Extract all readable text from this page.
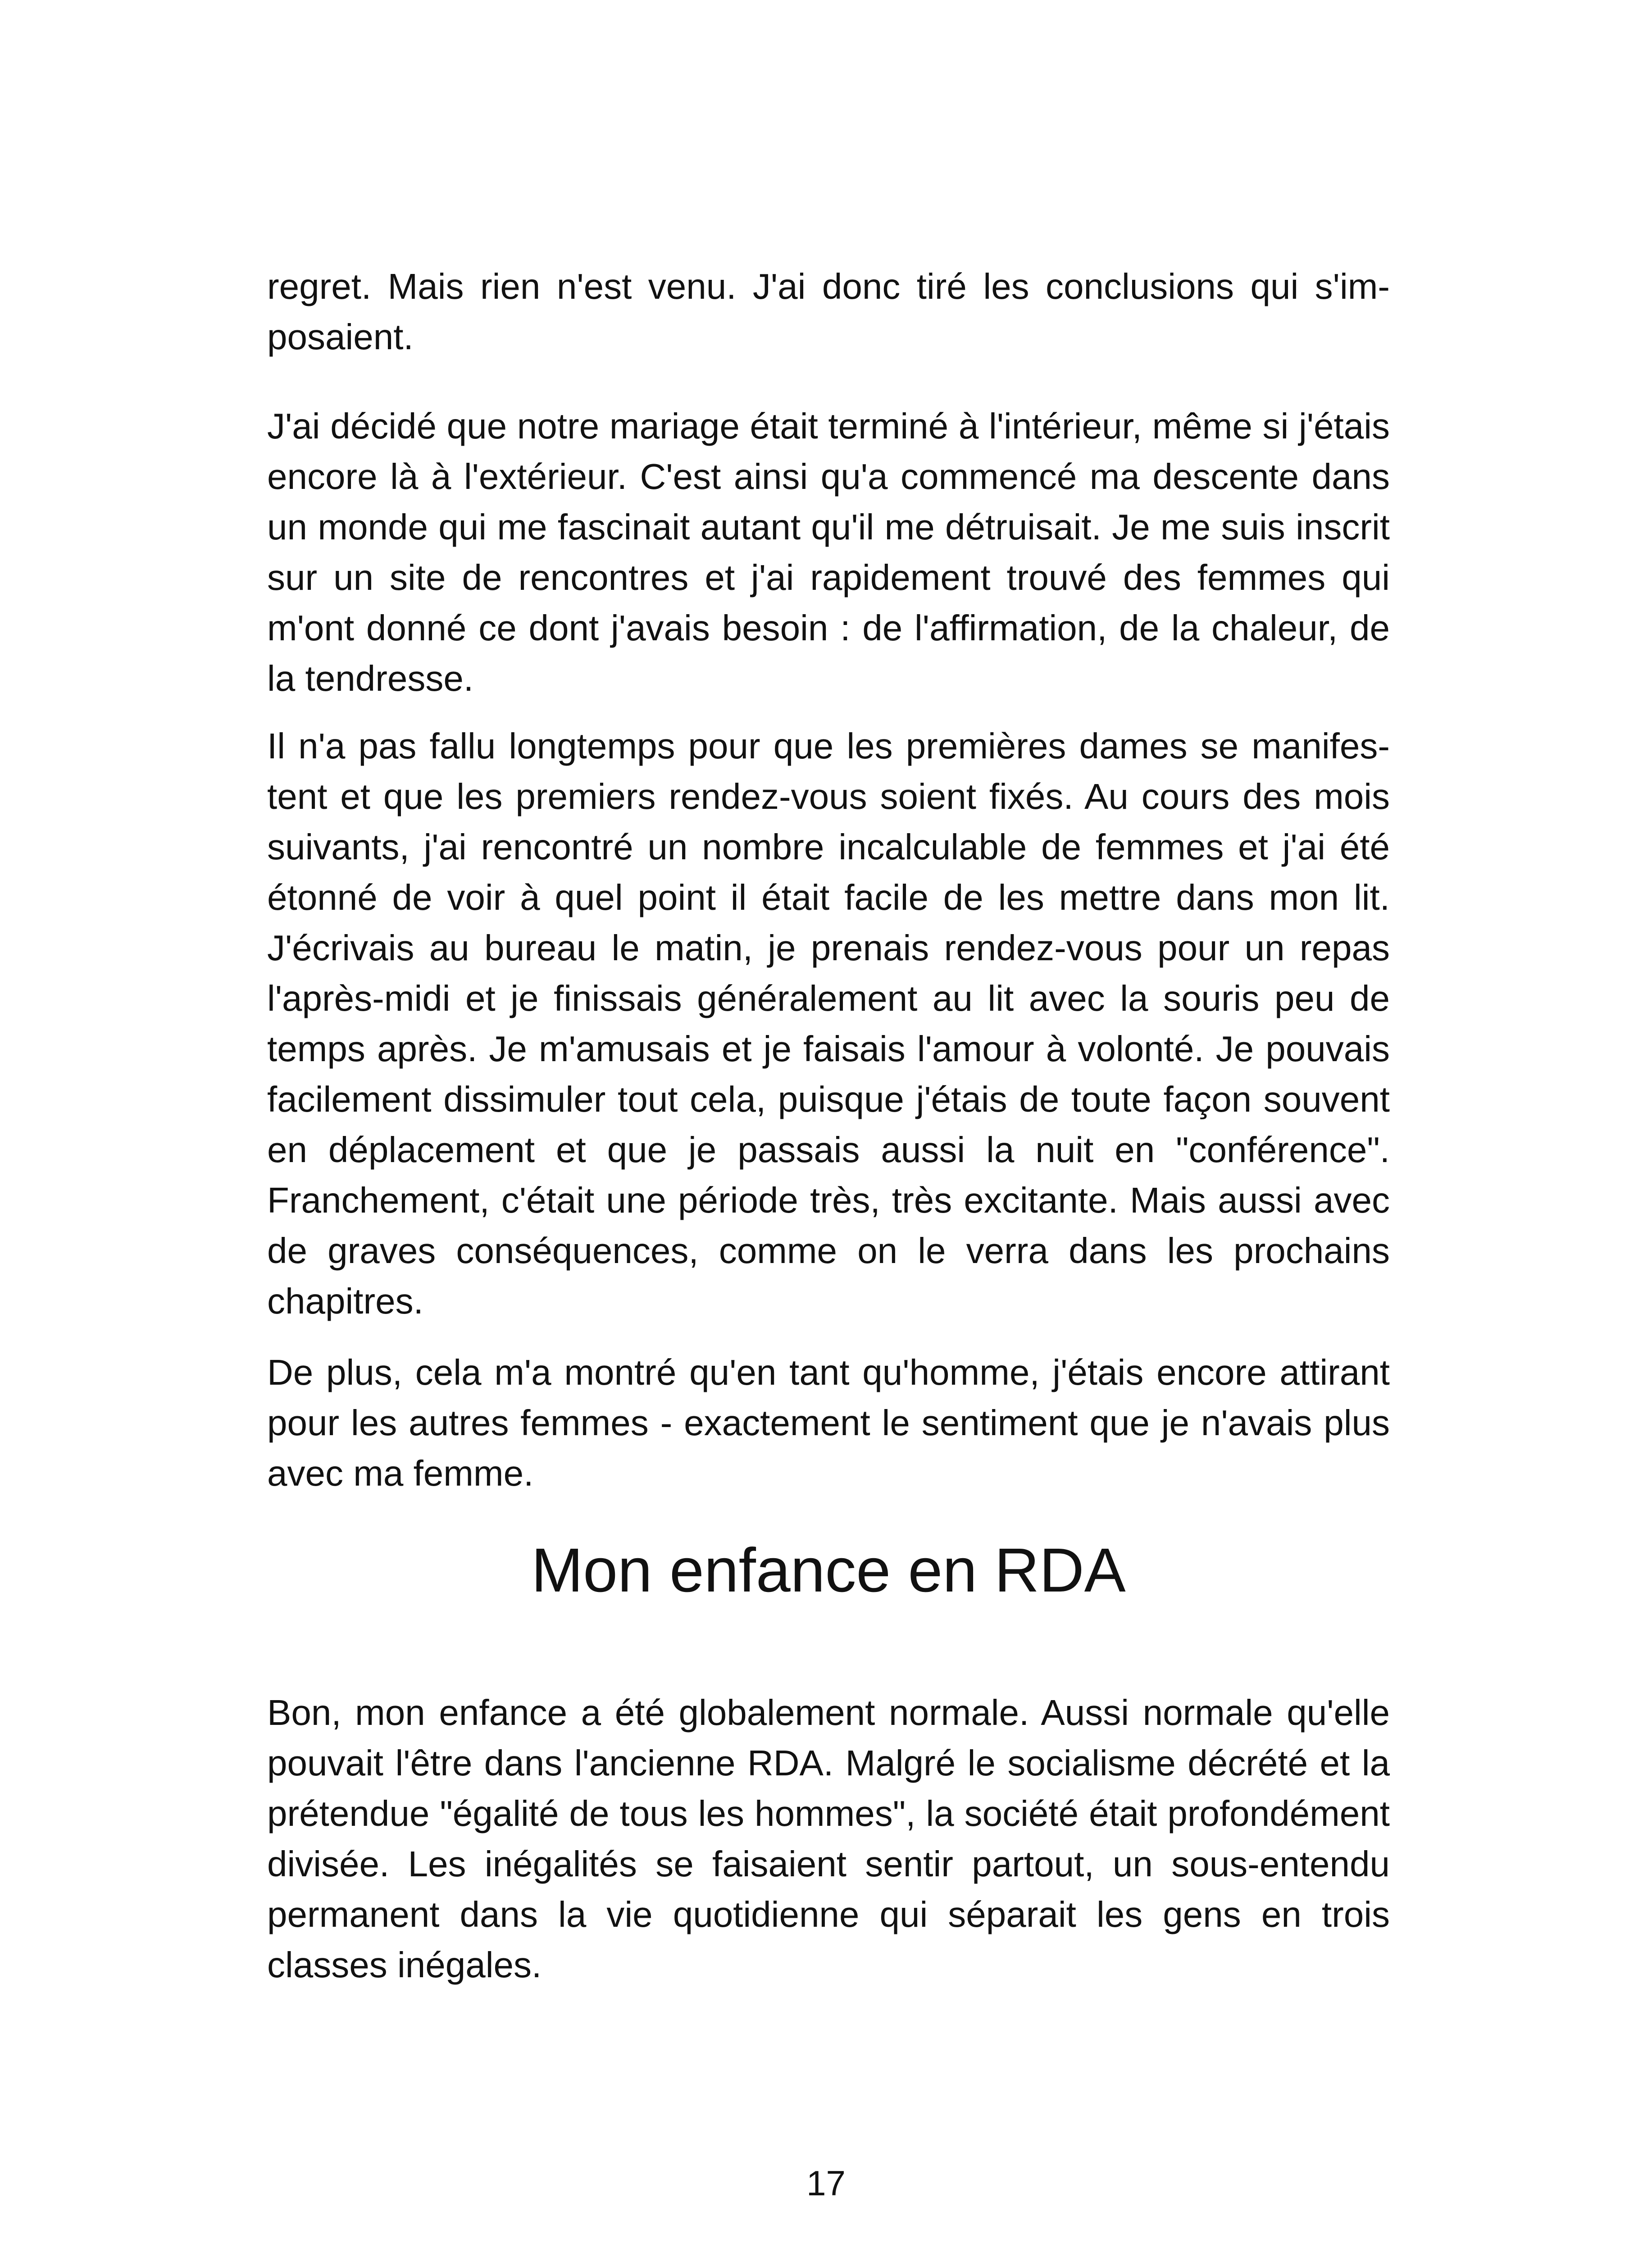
regret. Mais rien n'est venu. J'ai donc tiré les conclusions qui s'imposaient.

J'ai décidé que notre mariage était terminé à l'intérieur, même si j'étais encore là à l'extérieur. C'est ainsi qu'a commencé ma descente dans un monde qui me fascinait autant qu'il me détruisait. Je me suis inscrit sur un site de rencontres et j'ai rapidement trouvé des femmes qui m'ont donné ce dont j'avais besoin : de l'affirmation, de la chaleur, de la tendresse.

Il n'a pas fallu longtemps pour que les premières dames se manifestent et que les premiers rendez-vous soient fixés. Au cours des mois suivants, j'ai rencontré un nombre incalculable de femmes et j'ai été étonné de voir à quel point il était facile de les mettre dans mon lit. J'écrivais au bureau le matin, je prenais rendez-vous pour un repas l'après-midi et je finissais généralement au lit avec la souris peu de temps après. Je m'amusais et je faisais l'amour à volonté. Je pouvais facilement dissimuler tout cela, puisque j'étais de toute façon souvent en déplacement et que je passais aussi la nuit en "conférence". Franchement, c'était une période très, très excitante. Mais aussi avec de graves conséquences, comme on le verra dans les prochains chapitres.

De plus, cela m'a montré qu'en tant qu'homme, j'étais encore attirant pour les autres femmes - exactement le sentiment que je n'avais plus avec ma femme.

Mon enfance en RDA

Bon, mon enfance a été globalement normale. Aussi normale qu'elle pouvait l'être dans l'ancienne RDA. Malgré le socialisme décrété et la prétendue "égalité de tous les hommes", la société était profondément divisée. Les inégalités se faisaient sentir partout, un sous-entendu permanent dans la vie quotidienne qui séparait les gens en trois classes inégales.

17
